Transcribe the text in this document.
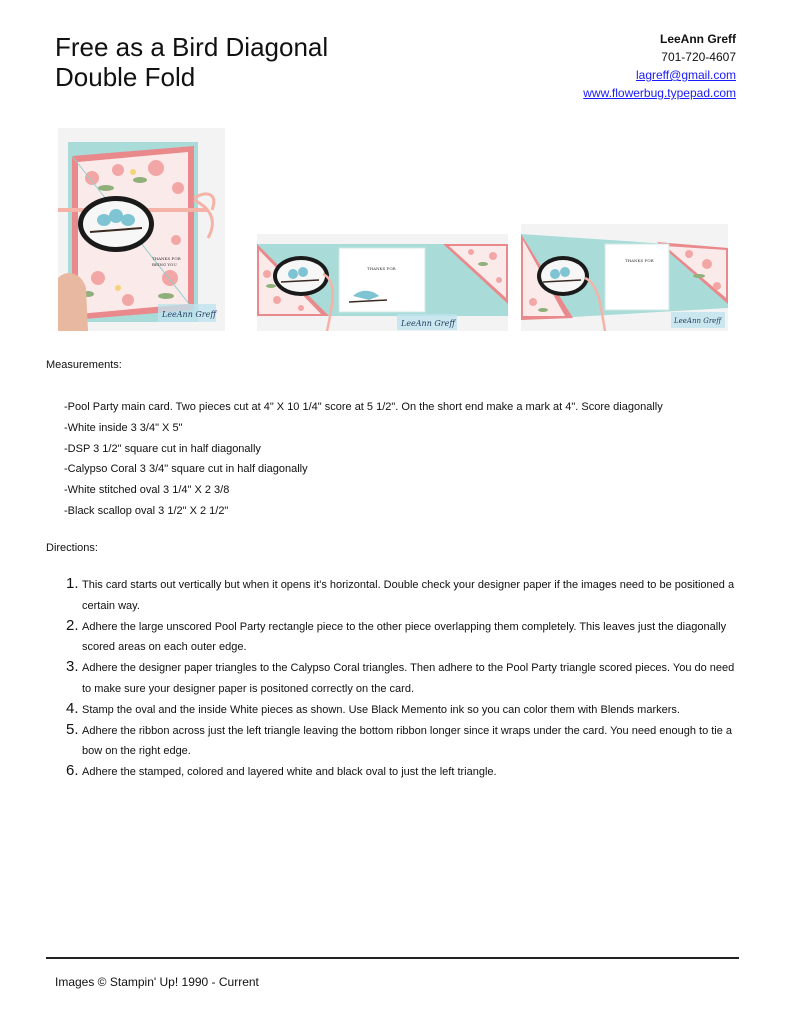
Free as a Bird Diagonal
Double Fold
LeeAnn Greff
701-720-4607
lagreff@gmail.com
www.flowerbug.typepad.com
THANKS FOR
BEING YOU
LeeAnn Greff
THANKS FOR
LeeAnn Greff
THANKS FOR
LeeAnn Greff
Measurements:
-Pool Party main card. Two pieces cut at 4" X 10 1/4" score at 5 1/2". On the short end make a mark at 4". Score diagonally
-White inside 3 3/4" X 5"
-DSP 3 1/2" square cut in half diagonally
-Calypso Coral 3 3/4" square cut in half diagonally
-White stitched oval 3 1/4" X 2 3/8
-Black scallop oval 3 1/2" X 2 1/2"
Directions:
1. This card starts out vertically but when it opens it's horizontal. Double check your designer paper if the images need to be positioned a certain way.
2. Adhere the large unscored Pool Party rectangle piece to the other piece overlapping them completely. This leaves just the diagonally scored areas on each outer edge.
3. Adhere the designer paper triangles to the Calypso Coral triangles. Then adhere to the Pool Party triangle scored pieces. You do need to make sure your designer paper is positoned correctly on the card.
4. Stamp the oval and the inside White pieces as shown. Use Black Memento ink so you can color them with Blends markers.
5. Adhere the ribbon across just the left triangle leaving the bottom ribbon longer since it wraps under the card. You need enough to tie a bow on the right edge.
6. Adhere the stamped, colored and layered white and black oval to just the left triangle.
Images © Stampin' Up! 1990 - Current
